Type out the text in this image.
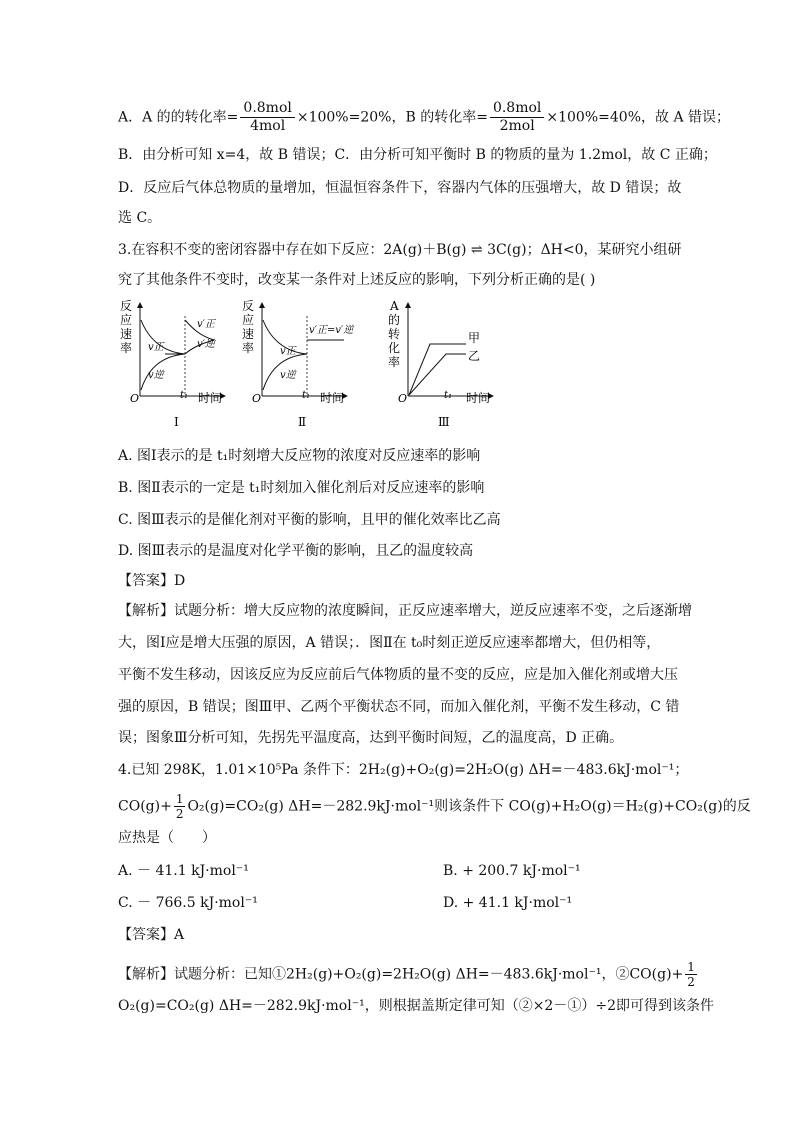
A．A 的的转化率= $\frac{\text{0.8mol}}{\text{4mol}} \times 100\%=20\%$，B 的转化率= $\frac{\text{0.8mol}}{\text{2mol}} \times 100\%=40\%$，故 A 错误；
B．由分析可知 x=4，故 B 错误；C．由分析可知平衡时 B 的物质的量为 1.2mol，故 C 正确；
D．反应后气体总物质的量增加，恒温恒容条件下，容器内气体的压强增大，故 D 错误；故
选 C。
3.在容积不变的密闭容器中存在如下反应：2A(g)＋B(g) ⇌ 3C(g)；ΔH<0，某研究小组研
究了其他条件不变时，改变某一条件对上述反应的影响，下列分析正确的是( )
反
应
速
率
v′正
v′逆
v正
v逆
O	t₁ 时间
Ⅰ
反
应
速
率
v′正=v′逆
v正
v逆
O	t₁ 时间
Ⅱ
A
的
转
化
率
甲
乙
O	t₁ 时间
Ⅲ
A. 图Ⅰ表示的是 t₁时刻增大反应物的浓度对反应速率的影响
B. 图Ⅱ表示的一定是 t₁时刻加入催化剂后对反应速率的影响
C. 图Ⅲ表示的是催化剂对平衡的影响，且甲的催化效率比乙高
D. 图Ⅲ表示的是温度对化学平衡的影响，且乙的温度较高
【答案】D
【解析】试题分析：增大反应物的浓度瞬间，正反应速率增大，逆反应速率不变，之后逐渐增
大，图Ⅰ应是增大压强的原因，A 错误；．图Ⅱ在 t₀时刻正逆反应速率都增大，但仍相等，
平衡不发生移动，因该反应为反应前后气体物质的量不变的反应，应是加入催化剂或增大压
强的原因，B 错误；图Ⅲ甲、乙两个平衡状态不同，而加入催化剂，平衡不发生移动，C 错
误；图象Ⅲ分析可知，先拐先平温度高，达到平衡时间短，乙的温度高，D 正确。
4.已知 298K，1.01×10⁵Pa 条件下：2H₂(g)+O₂(g)=2H₂O(g) ΔH=－483.6kJ·mol⁻¹；
$CO(g)+ \frac{1}{2} O_2(g)=CO_2(g)$ ΔH=－282.9kJ·mol⁻¹则该条件下 CO(g)+H₂O(g)＝H₂(g)+CO₂(g)的反
应热是（　　）
A. － 41.1 kJ·mol⁻¹	B. + 200.7 kJ·mol⁻¹
C. － 766.5 kJ·mol⁻¹	D. + 41.1 kJ·mol⁻¹
【答案】A
【解析】试题分析：已知①2H₂(g)+O₂(g)=2H₂O(g) ΔH=－483.6kJ·mol⁻¹，②CO(g)+ $\frac{1}{2}$
O₂(g)=CO₂(g) ΔH=－282.9kJ·mol⁻¹，则根据盖斯定律可知（②×2－①）÷2即可得到该条件
